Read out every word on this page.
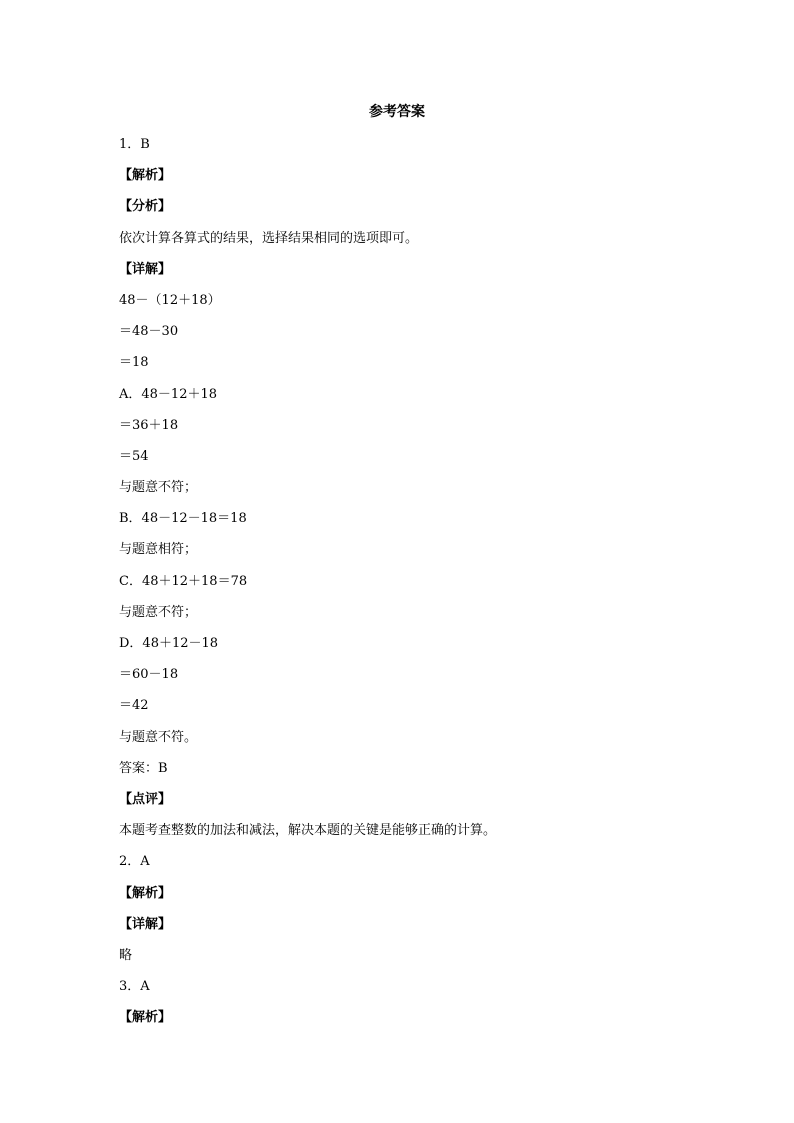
参考答案
1．B
【解析】
【分析】
依次计算各算式的结果，选择结果相同的选项即可。
【详解】
48－（12＋18）
＝48－30
＝18
A．48－12＋18
＝36＋18
＝54
与题意不符；
B．48－12－18＝18
与题意相符；
C．48＋12＋18＝78
与题意不符；
D．48＋12－18
＝60－18
＝42
与题意不符。
答案：B
【点评】
本题考查整数的加法和减法，解决本题的关键是能够正确的计算。
2．A
【解析】
【详解】
略
3．A
【解析】
